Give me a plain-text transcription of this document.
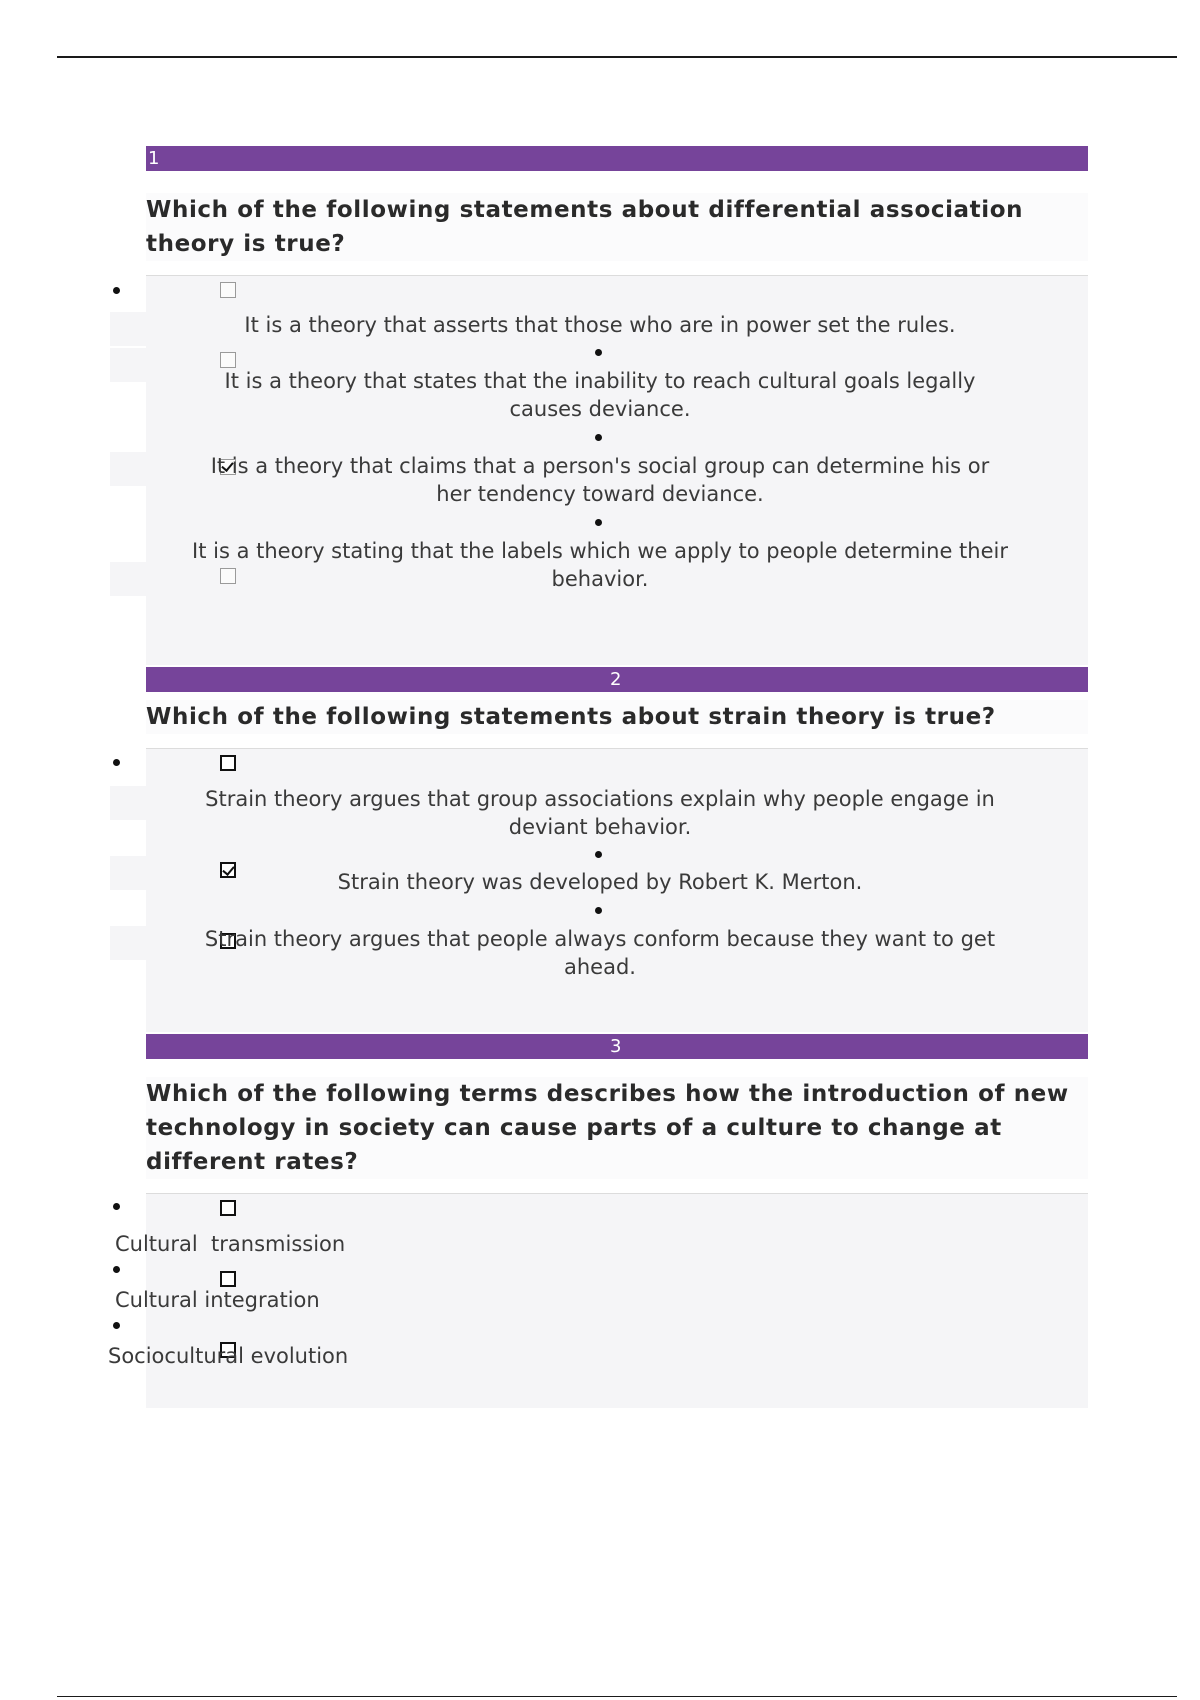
1
Which of the following statements about differential association
theory is true?
It is a theory that asserts that those who are in power set the rules.
It is a theory that states that the inability to reach cultural goals legally
causes deviance.
It is a theory that claims that a person's social group can determine his or
her tendency toward deviance.
It is a theory stating that the labels which we apply to people determine their
behavior.
2
Which of the following statements about strain theory is true?
Strain theory argues that group associations explain why people engage in
deviant behavior.
Strain theory was developed by Robert K. Merton.
Strain theory argues that people always conform because they want to get
ahead.
3
Which of the following terms describes how the introduction of new
technology in society can cause parts of a culture to change at
different rates?
Cultural  transmission
Cultural integration
Sociocultural evolution
